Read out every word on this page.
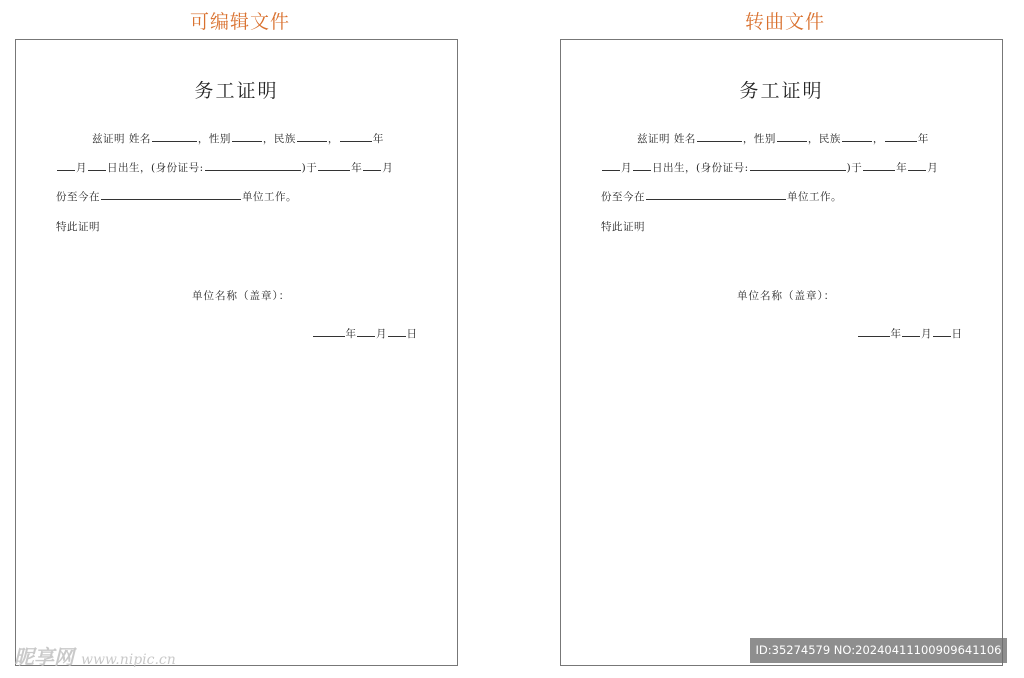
可编辑文件
务工证明
兹证明 姓名	，性别	，民族	，	年
月 日出生，(身份证号:	)于	年 月
份至今在	单位工作。
特此证明
单位名称（盖章）：
年 月 日
转曲文件
务工证明
兹证明 姓名	，性别	，民族	，	年
月 日出生，(身份证号:	)于	年 月
份至今在	单位工作。
特此证明
单位名称（盖章）：
年 月 日
昵享网 www.nipic.cn
ID:35274579 NO:20240411100909641106
